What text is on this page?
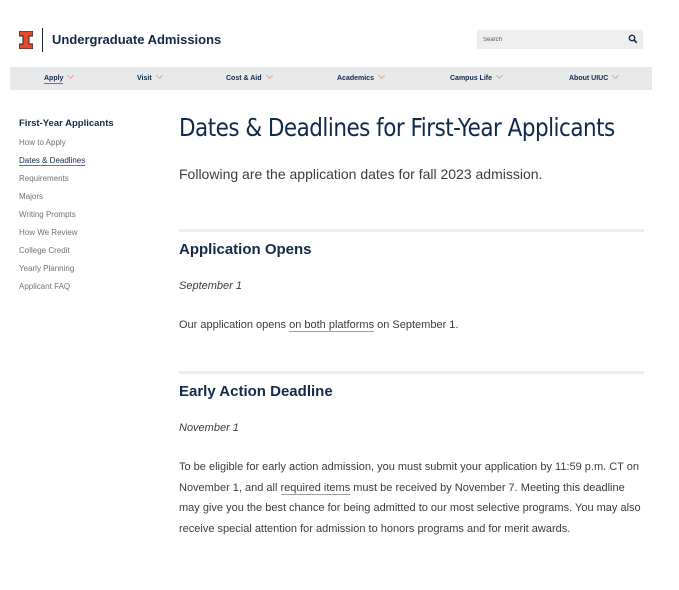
Undergraduate Admissions
Search
Apply	Visit	Cost & Aid	Academics	Campus Life	About UIUC
First-Year Applicants
How to Apply
Dates & Deadlines
Requirements
Majors
Writing Prompts
How We Review
College Credit
Yearly Planning
Applicant FAQ
Dates & Deadlines for First-Year Applicants
Following are the application dates for fall 2023 admission.
Application Opens
September 1
Our application opens on both platforms on September 1.
Early Action Deadline
November 1
To be eligible for early action admission, you must submit your application by 11:59 p.m. CT on November 1, and all required items must be received by November 7. Meeting this deadline may give you the best chance for being admitted to our most selective programs. You may also receive special attention for admission to honors programs and for merit awards.
